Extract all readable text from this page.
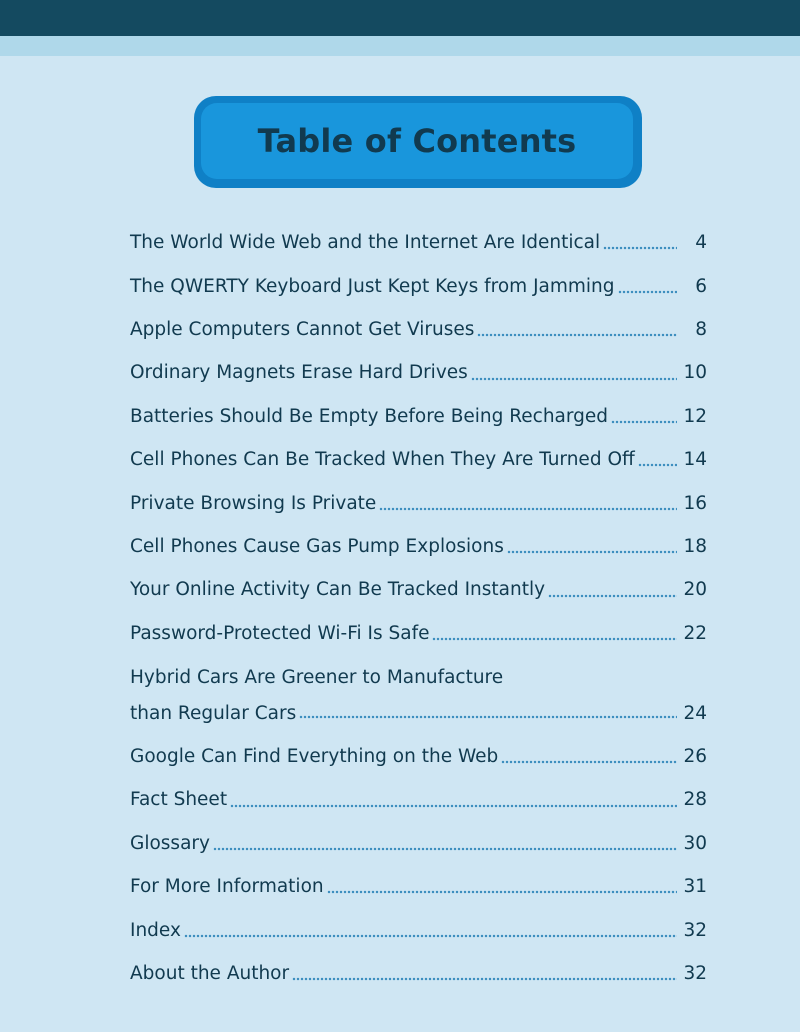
Table of Contents
The World Wide Web and the Internet Are Identical	4
The QWERTY Keyboard Just Kept Keys from Jamming	6
Apple Computers Cannot Get Viruses	8
Ordinary Magnets Erase Hard Drives	10
Batteries Should Be Empty Before Being Recharged	12
Cell Phones Can Be Tracked When They Are Turned Off	14
Private Browsing Is Private	16
Cell Phones Cause Gas Pump Explosions	18
Your Online Activity Can Be Tracked Instantly	20
Password-Protected Wi-Fi Is Safe	22
Hybrid Cars Are Greener to Manufacture
than Regular Cars	24
Google Can Find Everything on the Web	26
Fact Sheet	28
Glossary	30
For More Information	31
Index	32
About the Author	32
